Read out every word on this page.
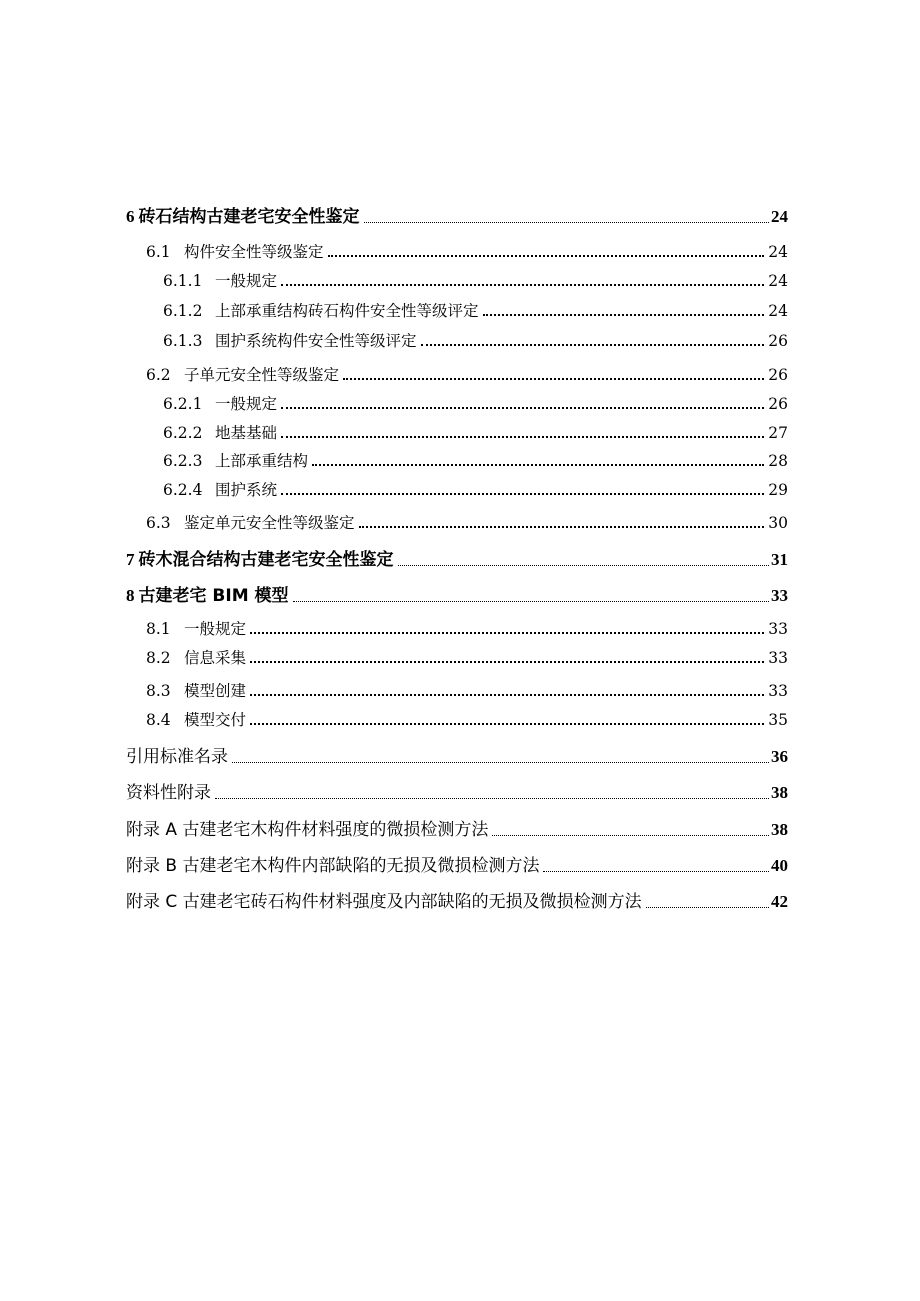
6 砖石结构古建老宅安全性鉴定	24
6.1 构件安全性等级鉴定	24
6.1.1 一般规定	24
6.1.2 上部承重结构砖石构件安全性等级评定	24
6.1.3 围护系统构件安全性等级评定	26
6.2 子单元安全性等级鉴定	26
6.2.1 一般规定	26
6.2.2 地基基础	27
6.2.3 上部承重结构	28
6.2.4 围护系统	29
6.3 鉴定单元安全性等级鉴定	30
7 砖木混合结构古建老宅安全性鉴定	31
8 古建老宅 BIM 模型	33
8.1 一般规定	33
8.2 信息采集	33
8.3 模型创建	33
8.4 模型交付	35
引用标准名录	36
资料性附录	38
附录 A 古建老宅木构件材料强度的微损检测方法	38
附录 B 古建老宅木构件内部缺陷的无损及微损检测方法	40
附录 C 古建老宅砖石构件材料强度及内部缺陷的无损及微损检测方法	42
